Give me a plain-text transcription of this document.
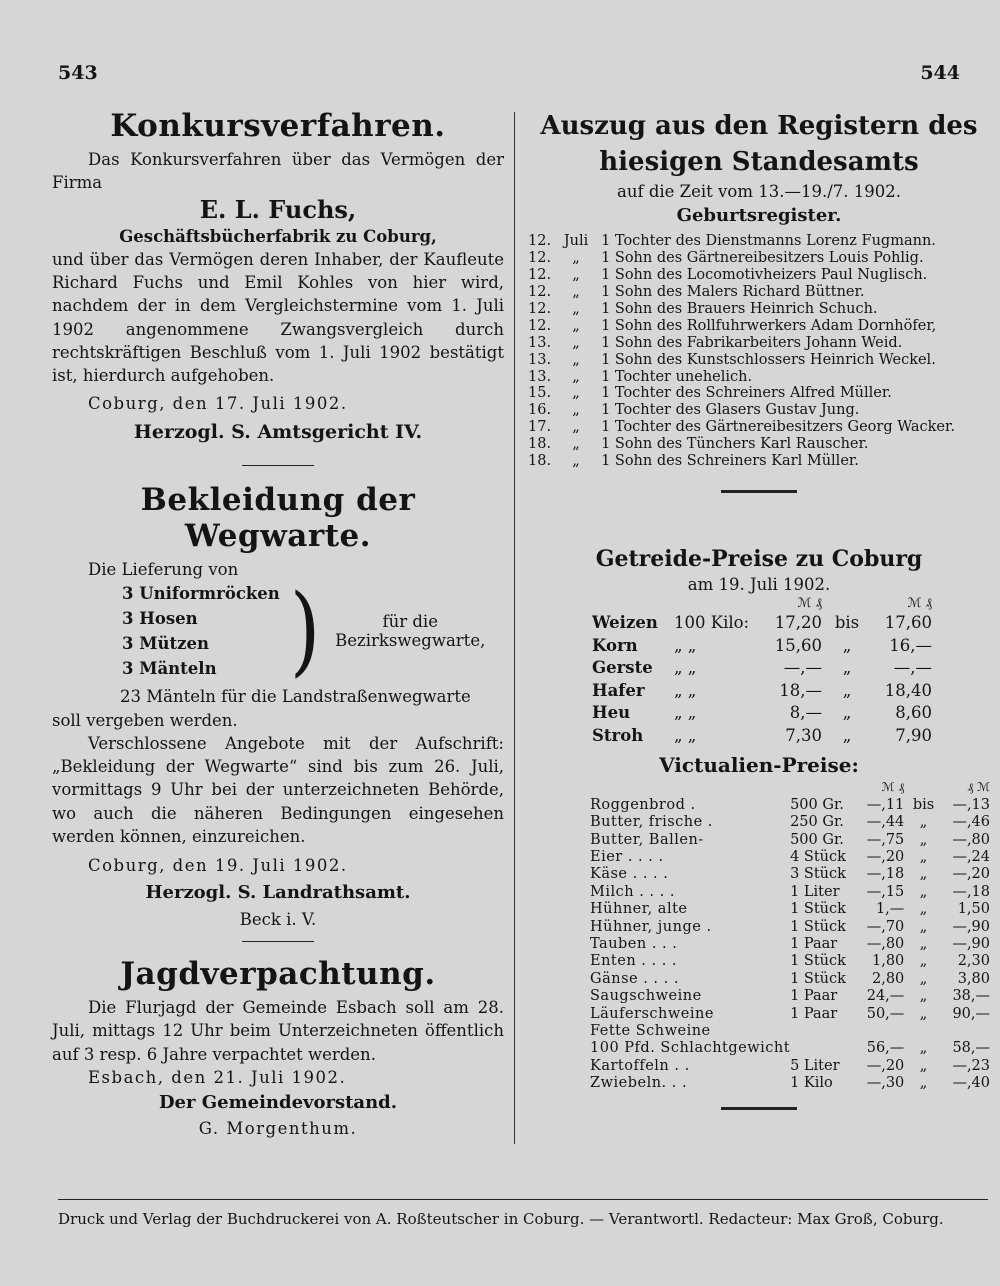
543	544

Konkursverfahren.

Das Konkursverfahren über das Vermögen der Firma

E. L. Fuchs,

Geschäftsbücherfabrik zu Coburg,

und über das Vermögen deren Inhaber, der Kaufleute Richard Fuchs und Emil Kohles von hier wird, nachdem der in dem Vergleichstermine vom 1. Juli 1902 angenommene Zwangsvergleich durch rechtskräftigen Beschluß vom 1. Juli 1902 bestätigt ist, hierdurch aufgehoben.

Coburg, den 17. Juli 1902.

Herzogl. S. Amtsgericht IV.

Bekleidung der Wegwarte.

Die Lieferung von

3 Uniformröcken
3 Hosen
3 Mützen
3 Mänteln )	für die Bezirkswegwarte,

23 Mänteln für die Landstraßenwegwarte

soll vergeben werden.

Verschlossene Angebote mit der Aufschrift: „Bekleidung der Wegwarte“ sind bis zum 26. Juli, vormittags 9 Uhr bei der unterzeichneten Behörde, wo auch die näheren Bedingungen eingesehen werden können, einzureichen.

Coburg, den 19. Juli 1902.

Herzogl. S. Landrathsamt.

Beck i. V.

Jagdverpachtung.

Die Flurjagd der Gemeinde Esbach soll am 28. Juli, mittags 12 Uhr beim Unterzeichneten öffentlich auf 3 resp. 6 Jahre verpachtet werden.

Esbach, den 21. Juli 1902.

Der Gemeindevorstand.

G. Morgenthum.

Auszug aus den Registern des hiesigen Standesamts

auf die Zeit vom 13.—19./7. 1902.

Geburtsregister.

12.	Juli	1 Tochter des Dienstmanns Lorenz Fugmann.
12.	„	1 Sohn des Gärtnereibesitzers Louis Pohlig.
12.	„	1 Sohn des Locomotivheizers Paul Nuglisch.
12.	„	1 Sohn des Malers Richard Büttner.
12.	„	1 Sohn des Brauers Heinrich Schuch.
12.	„	1 Sohn des Rollfuhrwerkers Adam Dornhöfer,
13.	„	1 Sohn des Fabrikarbeiters Johann Weid.
13.	„	1 Sohn des Kunstschlossers Heinrich Weckel.
13.	„	1 Tochter unehelich.
15.	„	1 Tochter des Schreiners Alfred Müller.
16.	„	1 Tochter des Glasers Gustav Jung.
17.	„	1 Tochter des Gärtnereibesitzers Georg Wacker.
18.	„	1 Sohn des Tünchers Karl Rauscher.
18.	„	1 Sohn des Schreiners Karl Müller.

Getreide-Preise zu Coburg

am 19. Juli 1902.

		ℳ ₰		ℳ ₰
Weizen	100 Kilo:	17,20	bis	17,60
Korn	„ „	15,60	„	16,—
Gerste	„ „	—,—	„	—,—
Hafer	„ „	18,—	„	18,40
Heu	„ „	8,—	„	8,60
Stroh	„ „	7,30	„	7,90

Victualien-Preise:

		ℳ ₰		₰ ℳ
Roggenbrod .	500 Gr.	—,11	bis	—,13
Butter, frische .	250 Gr.	—,44	„	—,46
Butter, Ballen-	500 Gr.	—,75	„	—,80
Eier . . . .	4 Stück	—,20	„	—,24
Käse . . . .	3 Stück	—,18	„	—,20
Milch . . . .	1 Liter	—,15	„	—,18
Hühner, alte	1 Stück	1,—	„	1,50
Hühner, junge .	1 Stück	—,70	„	—,90
Tauben . . .	1 Paar	—,80	„	—,90
Enten . . . .	1 Stück	1,80	„	2,30
Gänse . . . .	1 Stück	2,80	„	3,80
Saugschweine	1 Paar	24,—	„	38,—
Läuferschweine	1 Paar	50,—	„	90,—
Fette Schweine				
100 Pfd. Schlachtgewicht		56,—	„	58,—
Kartoffeln . .	5 Liter	—,20	„	—,23
Zwiebeln. . .	1 Kilo	—,30	„	—,40
Druck und Verlag der Buchdruckerei von A. Roßteutscher in Coburg. — Verantwortl. Redacteur: Max Groß, Coburg.
